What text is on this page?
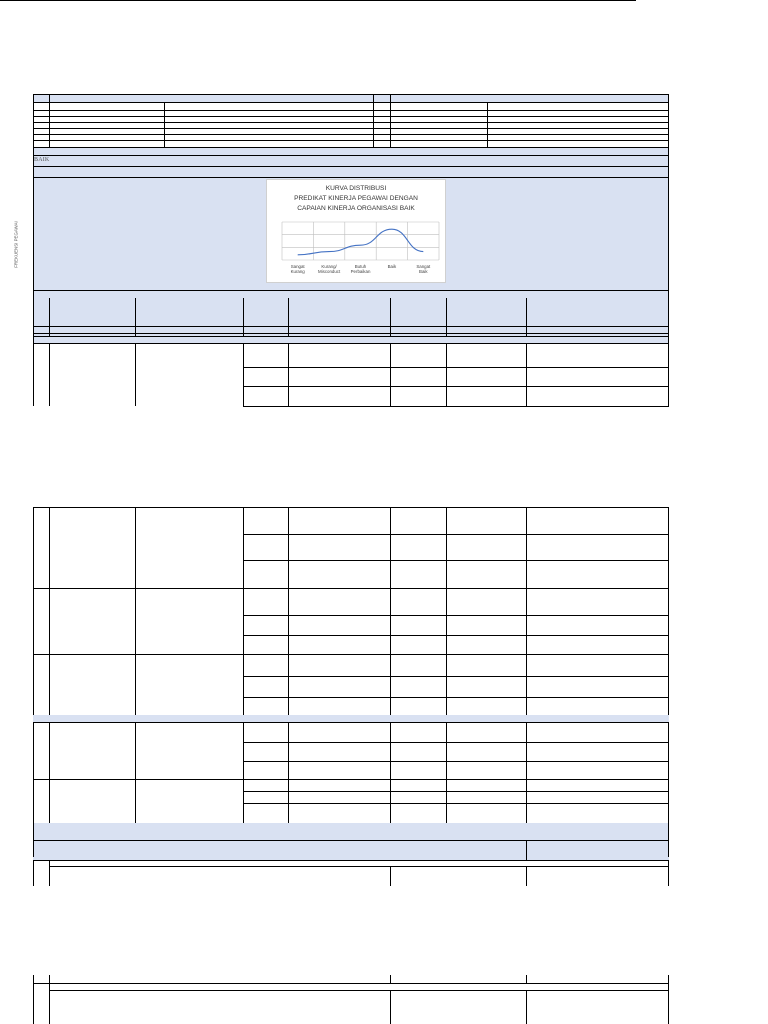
BAIK
KURVA DISTRIBUSI
PREDIKAT KINERJA PEGAWAI DENGAN
CAPAIAN KINERJA ORGANISASI BAIK
Sangat
Kurang
Kurang/
Misconduct
Butuh
Perbaikan
Baik	Sangat
Baik
FREKUENSI PEGAWAI
